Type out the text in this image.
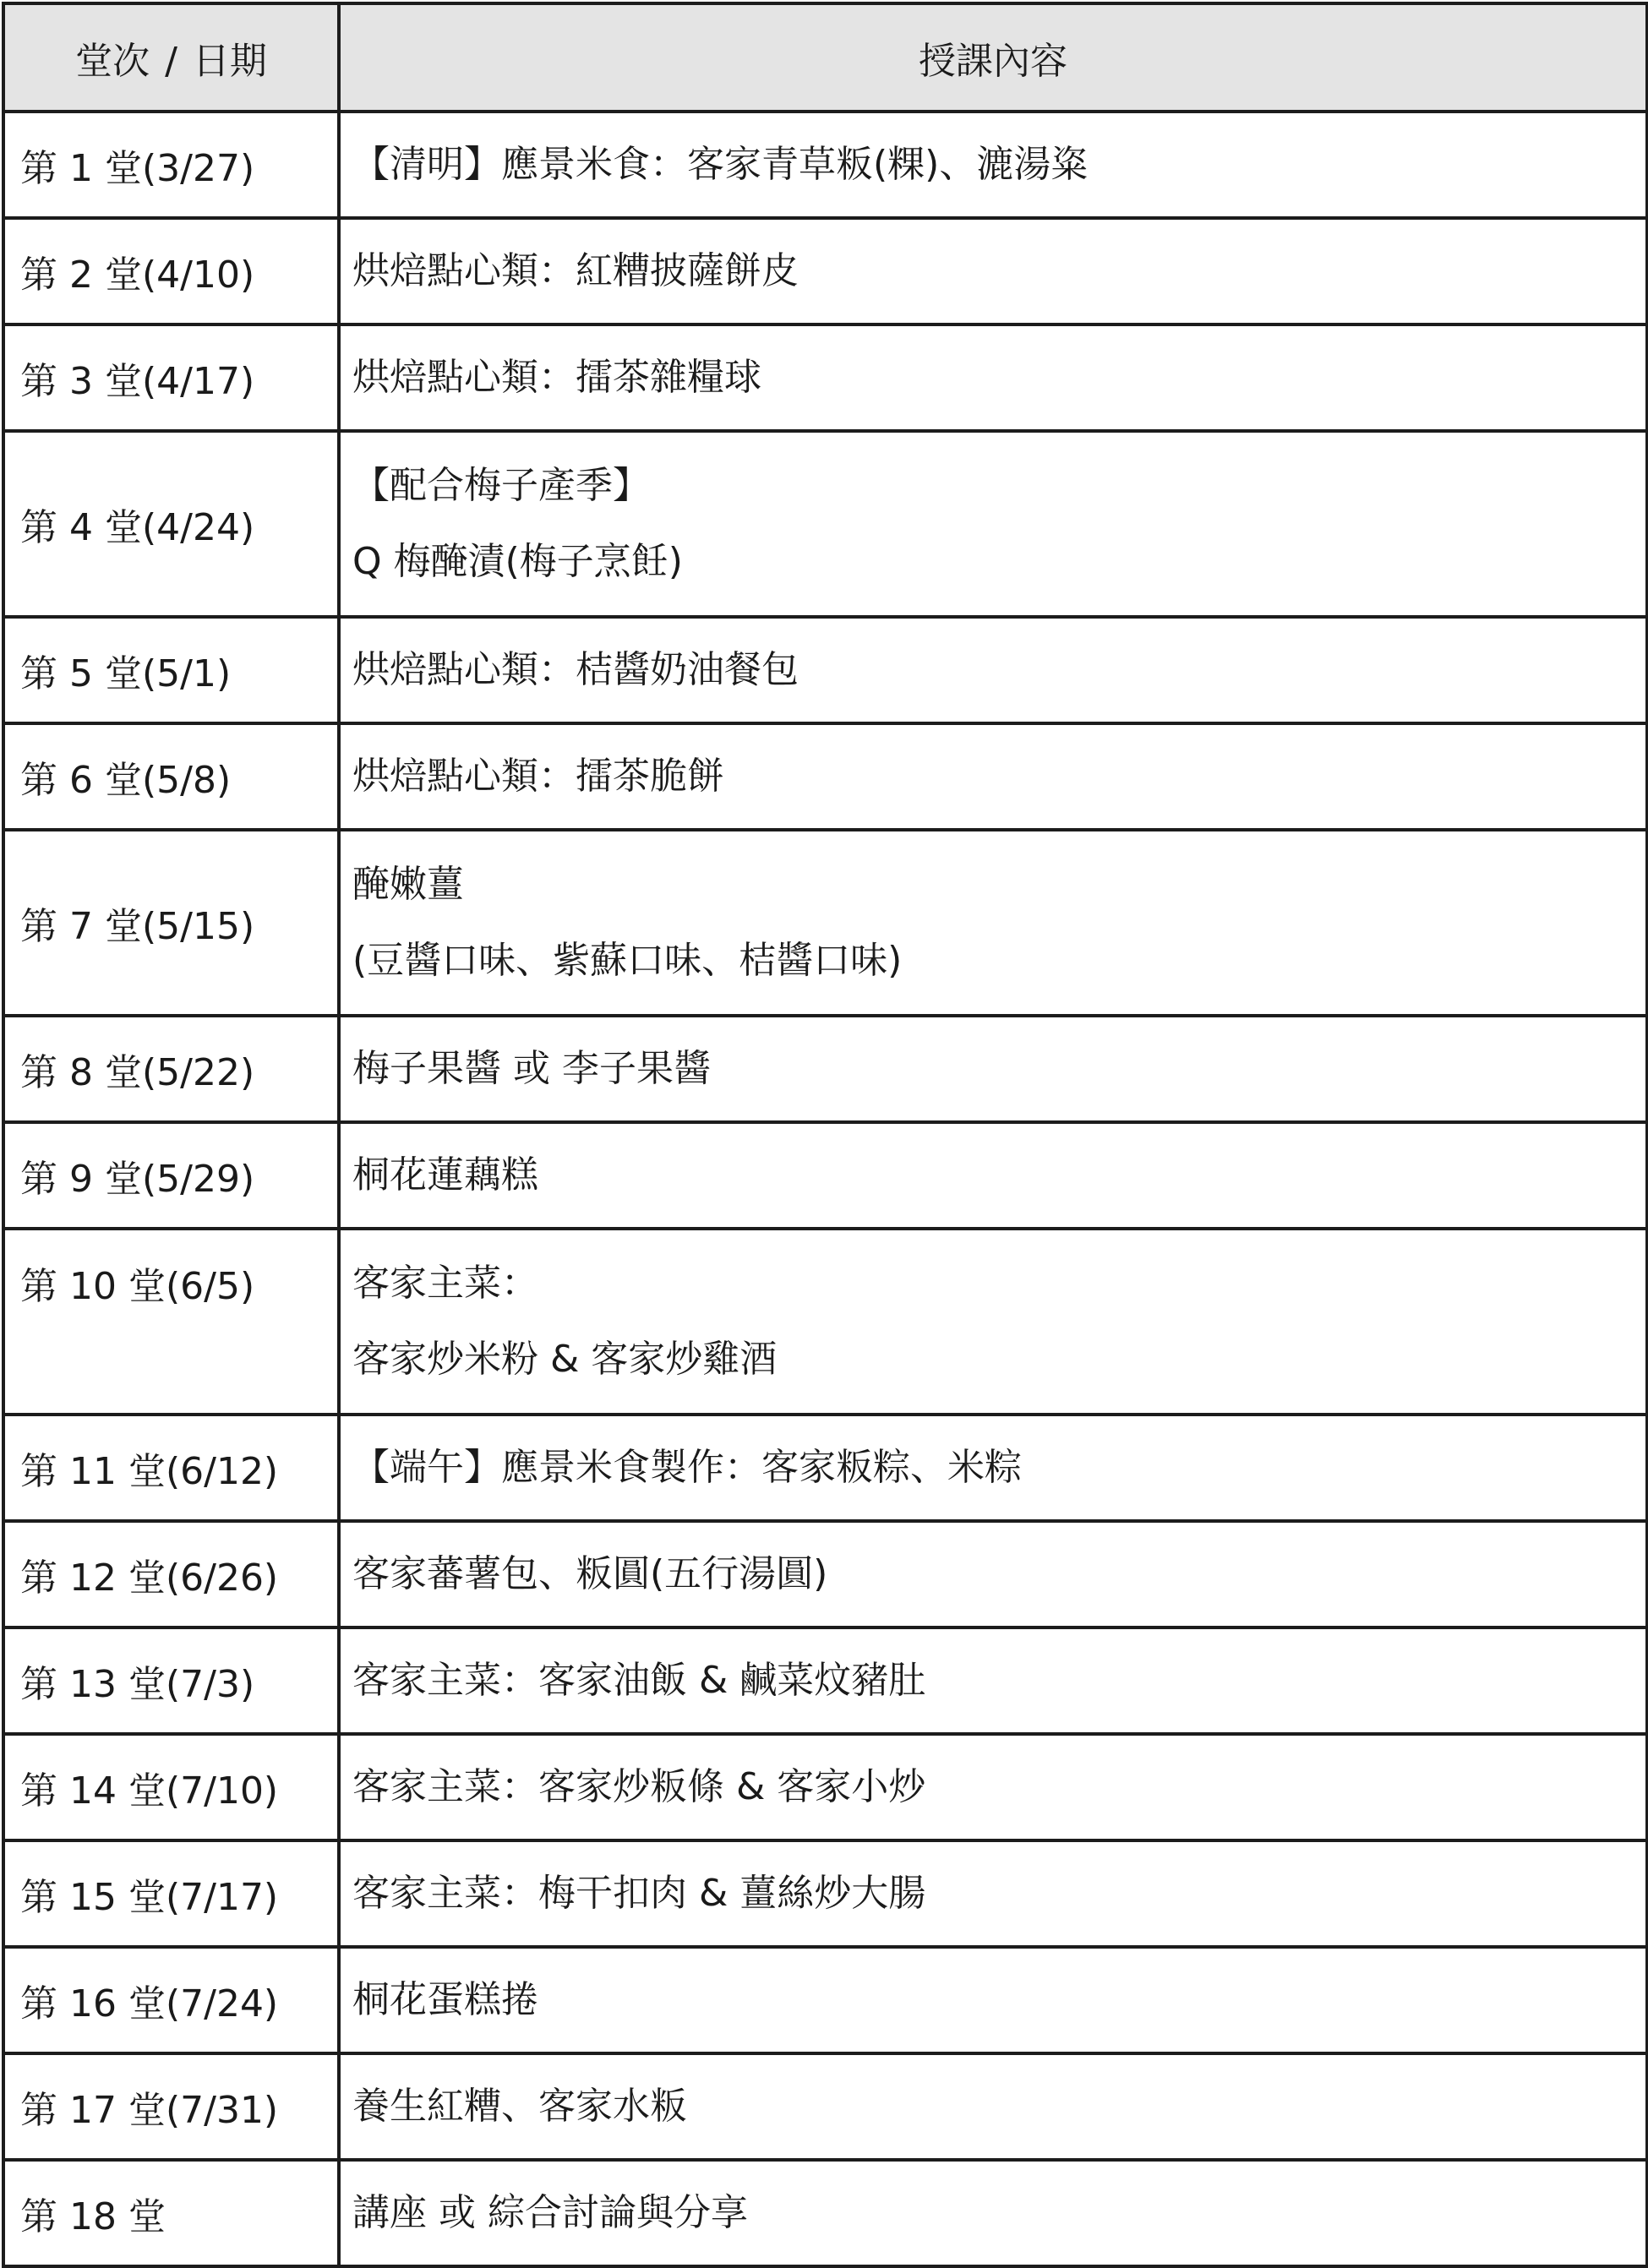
堂次 / 日期	授課內容
第 1 堂(3/27)	【清明】應景米食：客家青草粄(粿)、漉湯粢

第 2 堂(4/10)	烘焙點心類：紅糟披薩餅皮

第 3 堂(4/17)	烘焙點心類：擂茶雜糧球

第 4 堂(4/24)	【配合梅子產季】
Q 梅醃漬(梅子烹飪)

第 5 堂(5/1)	烘焙點心類：桔醬奶油餐包

第 6 堂(5/8)	烘焙點心類：擂茶脆餅

第 7 堂(5/15)	醃嫩薑
(豆醬口味、紫蘇口味、桔醬口味)

第 8 堂(5/22)	梅子果醬 或 李子果醬

第 9 堂(5/29)	桐花蓮藕糕

第 10 堂(6/5)	客家主菜：
客家炒米粉 & 客家炒雞酒

第 11 堂(6/12)	【端午】應景米食製作：客家粄粽、米粽

第 12 堂(6/26)	客家蕃薯包、粄圓(五行湯圓)

第 13 堂(7/3)	客家主菜：客家油飯 & 鹹菜炆豬肚

第 14 堂(7/10)	客家主菜：客家炒粄條 & 客家小炒

第 15 堂(7/17)	客家主菜：梅干扣肉 & 薑絲炒大腸

第 16 堂(7/24)	桐花蛋糕捲

第 17 堂(7/31)	養生紅糟、客家水粄

第 18 堂	講座 或 綜合討論與分享
